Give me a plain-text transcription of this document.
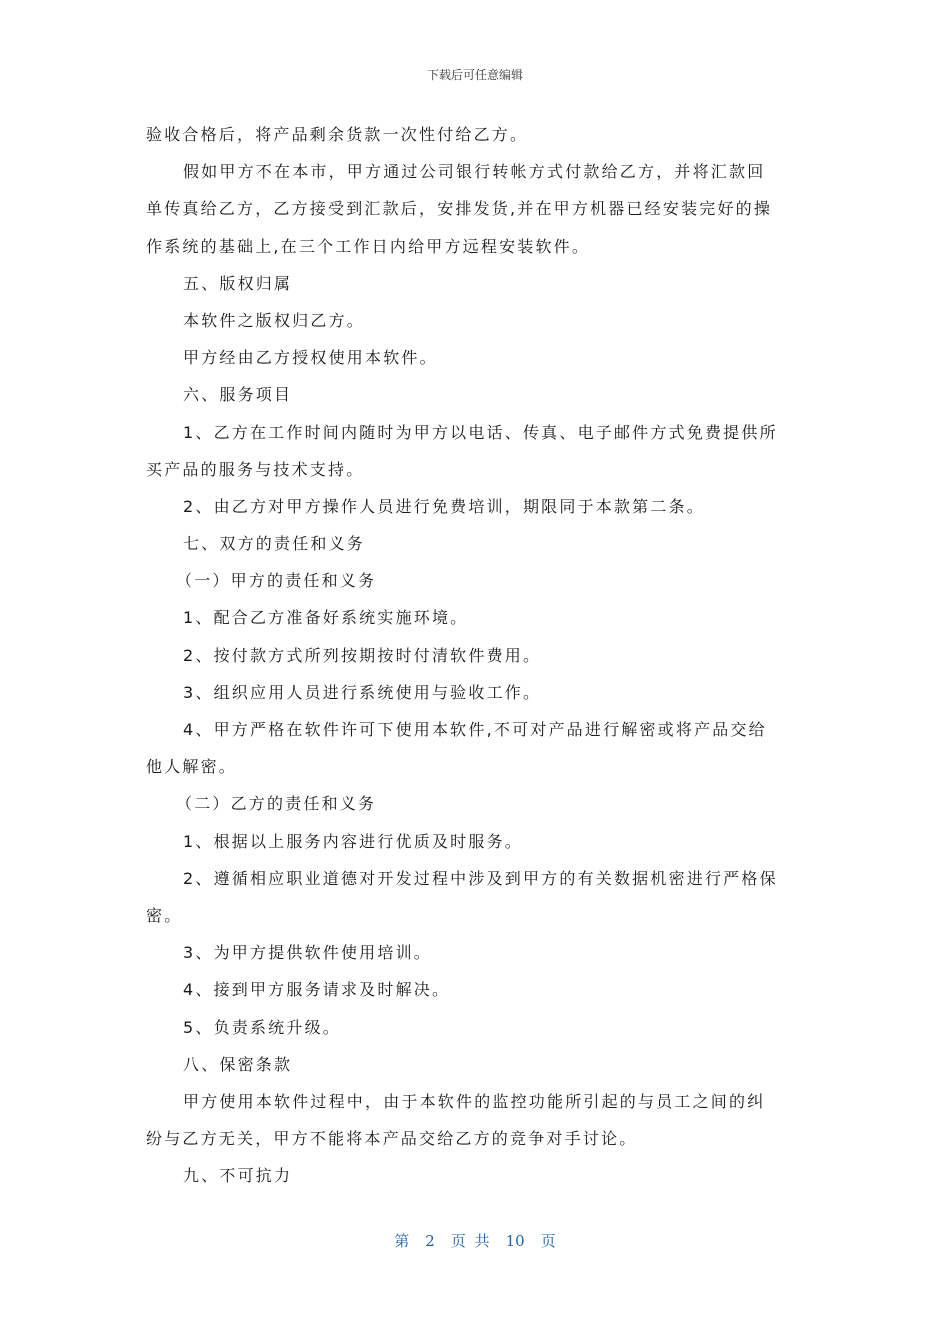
下载后可任意编辑
验收合格后，将产品剩余货款一次性付给乙方。
假如甲方不在本市，甲方通过公司银行转帐方式付款给乙方，并将汇款回
单传真给乙方，乙方接受到汇款后，安排发货,并在甲方机器已经安装完好的操
作系统的基础上,在三个工作日内给甲方远程安装软件。
五、版权归属
本软件之版权归乙方。
甲方经由乙方授权使用本软件。
六、服务项目
1、乙方在工作时间内随时为甲方以电话、传真、电子邮件方式免费提供所
买产品的服务与技术支持。
2、由乙方对甲方操作人员进行免费培训，期限同于本款第二条。
七、双方的责任和义务
（一）甲方的责任和义务
1、配合乙方准备好系统实施环境。
2、按付款方式所列按期按时付清软件费用。
3、组织应用人员进行系统使用与验收工作。
4、甲方严格在软件许可下使用本软件,不可对产品进行解密或将产品交给
他人解密。
（二）乙方的责任和义务
1、根据以上服务内容进行优质及时服务。
2、遵循相应职业道德对开发过程中涉及到甲方的有关数据机密进行严格保
密。
3、为甲方提供软件使用培训。
4、接到甲方服务请求及时解决。
5、负责系统升级。
八、保密条款
甲方使用本软件过程中，由于本软件的监控功能所引起的与员工之间的纠
纷与乙方无关，甲方不能将本产品交给乙方的竞争对手讨论。
九、不可抗力
第 2 页 共 10 页
